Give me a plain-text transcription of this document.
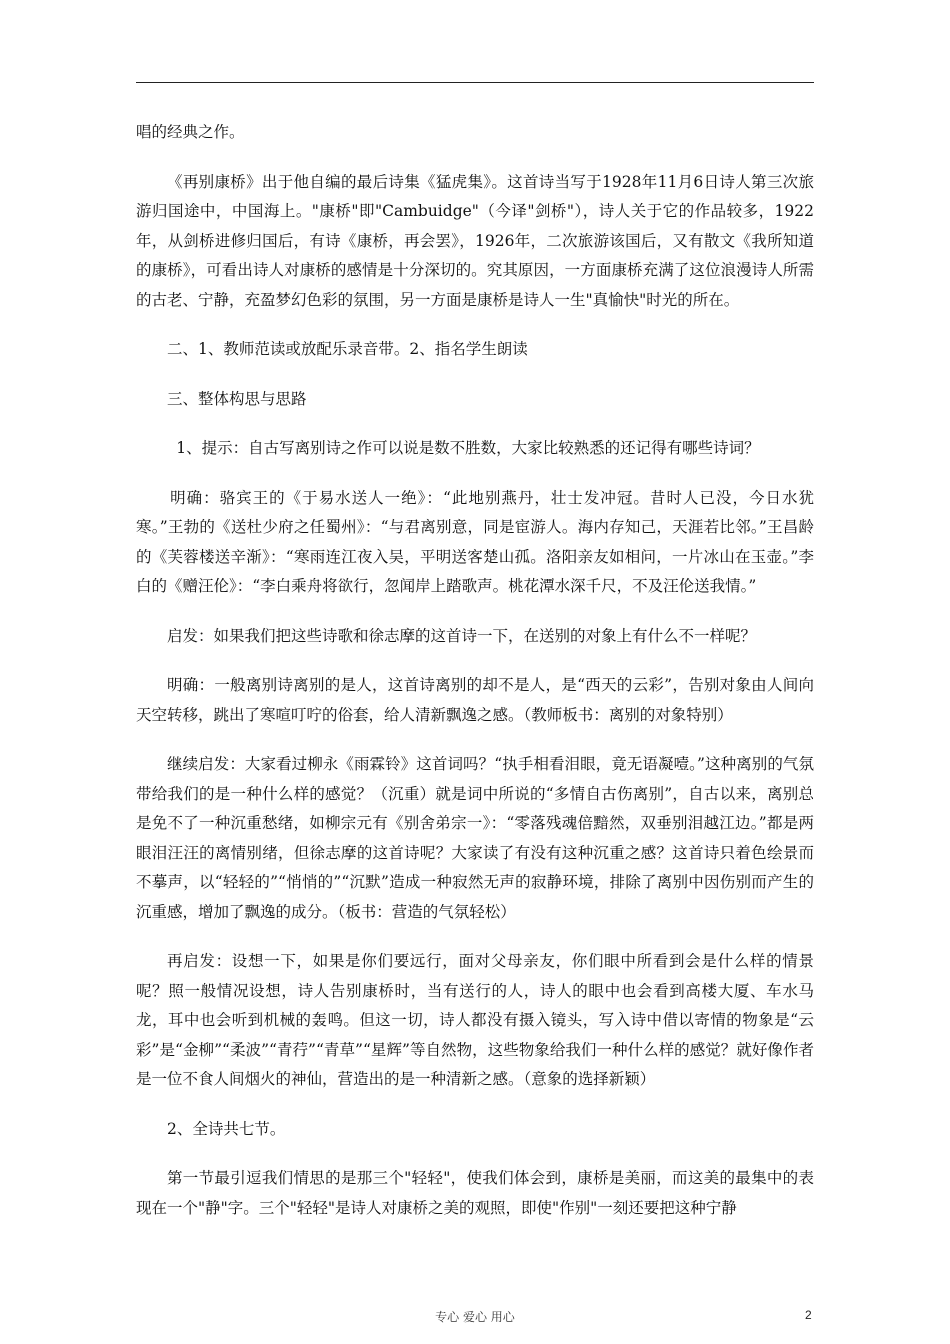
唱的经典之作。

《再别康桥》出于他自编的最后诗集《猛虎集》。这首诗当写于1928年11月6日诗人第三次旅游归国途中，中国海上。"康桥"即"Cambuidge"（今译"剑桥"），诗人关于它的作品较多，1922年，从剑桥进修归国后，有诗《康桥，再会罢》，1926年，二次旅游该国后，又有散文《我所知道的康桥》，可看出诗人对康桥的感情是十分深切的。究其原因，一方面康桥充满了这位浪漫诗人所需的古老、宁静，充盈梦幻色彩的氛围，另一方面是康桥是诗人一生"真愉快"时光的所在。

二、1、教师范读或放配乐录音带。2、指名学生朗读

三、整体构思与思路

1、提示：自古写离别诗之作可以说是数不胜数，大家比较熟悉的还记得有哪些诗词？

明确：骆宾王的《于易水送人一绝》：“此地别燕丹，壮士发冲冠。昔时人已没，今日水犹寒。”王勃的《送杜少府之任蜀州》：“与君离别意，同是宦游人。海内存知己，天涯若比邻。”王昌龄的《芙蓉楼送辛渐》：“寒雨连江夜入吴，平明送客楚山孤。洛阳亲友如相问，一片冰山在玉壶。”李白的《赠汪伦》：“李白乘舟将欲行，忽闻岸上踏歌声。桃花潭水深千尺，不及汪伦送我情。”

启发：如果我们把这些诗歌和徐志摩的这首诗一下，在送别的对象上有什么不一样呢？

明确：一般离别诗离别的是人，这首诗离别的却不是人，是“西天的云彩”，告别对象由人间向天空转移，跳出了寒喧叮咛的俗套，给人清新飘逸之感。（教师板书：离别的对象特别）

继续启发：大家看过柳永《雨霖铃》这首词吗？“执手相看泪眼，竟无语凝噎。”这种离别的气氛带给我们的是一种什么样的感觉？（沉重）就是词中所说的“多情自古伤离别”，自古以来，离别总是免不了一种沉重愁绪，如柳宗元有《别舍弟宗一》：“零落残魂倍黯然，双垂别泪越江边。”都是两眼泪汪汪的离情别绪，但徐志摩的这首诗呢？大家读了有没有这种沉重之感？这首诗只着色绘景而不摹声，以“轻轻的”“悄悄的”“沉默”造成一种寂然无声的寂静环境，排除了离别中因伤别而产生的沉重感，增加了飘逸的成分。（板书：营造的气氛轻松）

再启发：设想一下，如果是你们要远行，面对父母亲友，你们眼中所看到会是什么样的情景呢？照一般情况设想，诗人告别康桥时，当有送行的人，诗人的眼中也会看到高楼大厦、车水马龙，耳中也会听到机械的轰鸣。但这一切，诗人都没有摄入镜头，写入诗中借以寄情的物象是“云彩”是“金柳”“柔波”“青荇”“青草”“星辉”等自然物，这些物象给我们一种什么样的感觉？就好像作者是一位不食人间烟火的神仙，营造出的是一种清新之感。（意象的选择新颖）

2、全诗共七节。

第一节最引逗我们情思的是那三个"轻轻"，使我们体会到，康桥是美丽，而这美的最集中的表现在一个"静"字。三个"轻轻"是诗人对康桥之美的观照，即使"作别"一刻还要把这种宁静

专心 爱心 用心	2
